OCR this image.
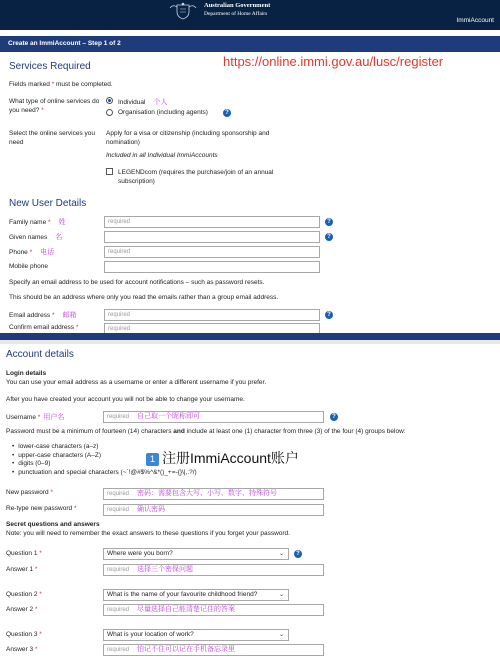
Australian Government
Department of Home Affairs
ImmiAccount
Create an ImmiAccount – Step 1 of 2
https://online.immi.gov.au/lusc/register
Services Required
Fields marked * must be completed.
What type of online services do you need? *
Individual 个人
Organisation (including agents)	?
Select the online services you need
Apply for a visa or citizenship (including sponsorship and nomination)
Included in all Individual ImmiAccounts
LEGENDcom (requires the purchase/join of an annual subscription)
New User Details
Family name * 姓	required	?
Given names 名	?
Phone * 电话	required
Mobile phone
Specify an email address to be used for account notifications – such as password resets.
This should be an address where only you read the emails rather than a group email address.
Email address * 邮箱	required	?
Confirm email address *	required
Account details
Login details
You can use your email address as a username or enter a different username if you prefer.
After you have created your account you will not be able to change your username.
Username * 用户名	required 自己取一个昵称即可	?
Password must be a minimum of fourteen (14) characters and include at least one (1) character from three (3) of the four (4) groups below:
• lower-case characters (a–z)
• upper-case characters (A–Z)
• digits (0–9)
• punctuation and special characters (~`!@#$%^&*()_+=-{}\|,.?/)
1 注册ImmiAccount账户
New password *	required 密码：需要包含大写、小写、数字、特殊符号
Re-type new password *	required 确认密码
Secret questions and answers
Note: you will need to remember the exact answers to these questions if you forget your password.
Question 1 *	Where were you born?	⌄	?
Answer 1 *	required 选择三个密保问题
Question 2 *	What is the name of your favourite childhood friend?	⌄
Answer 2 *	required 尽量选择自己能清楚记住的答案
Question 3 *	What is your location of work?	⌄
Answer 3 *	required 怕记不住可以记在手机备忘录里
